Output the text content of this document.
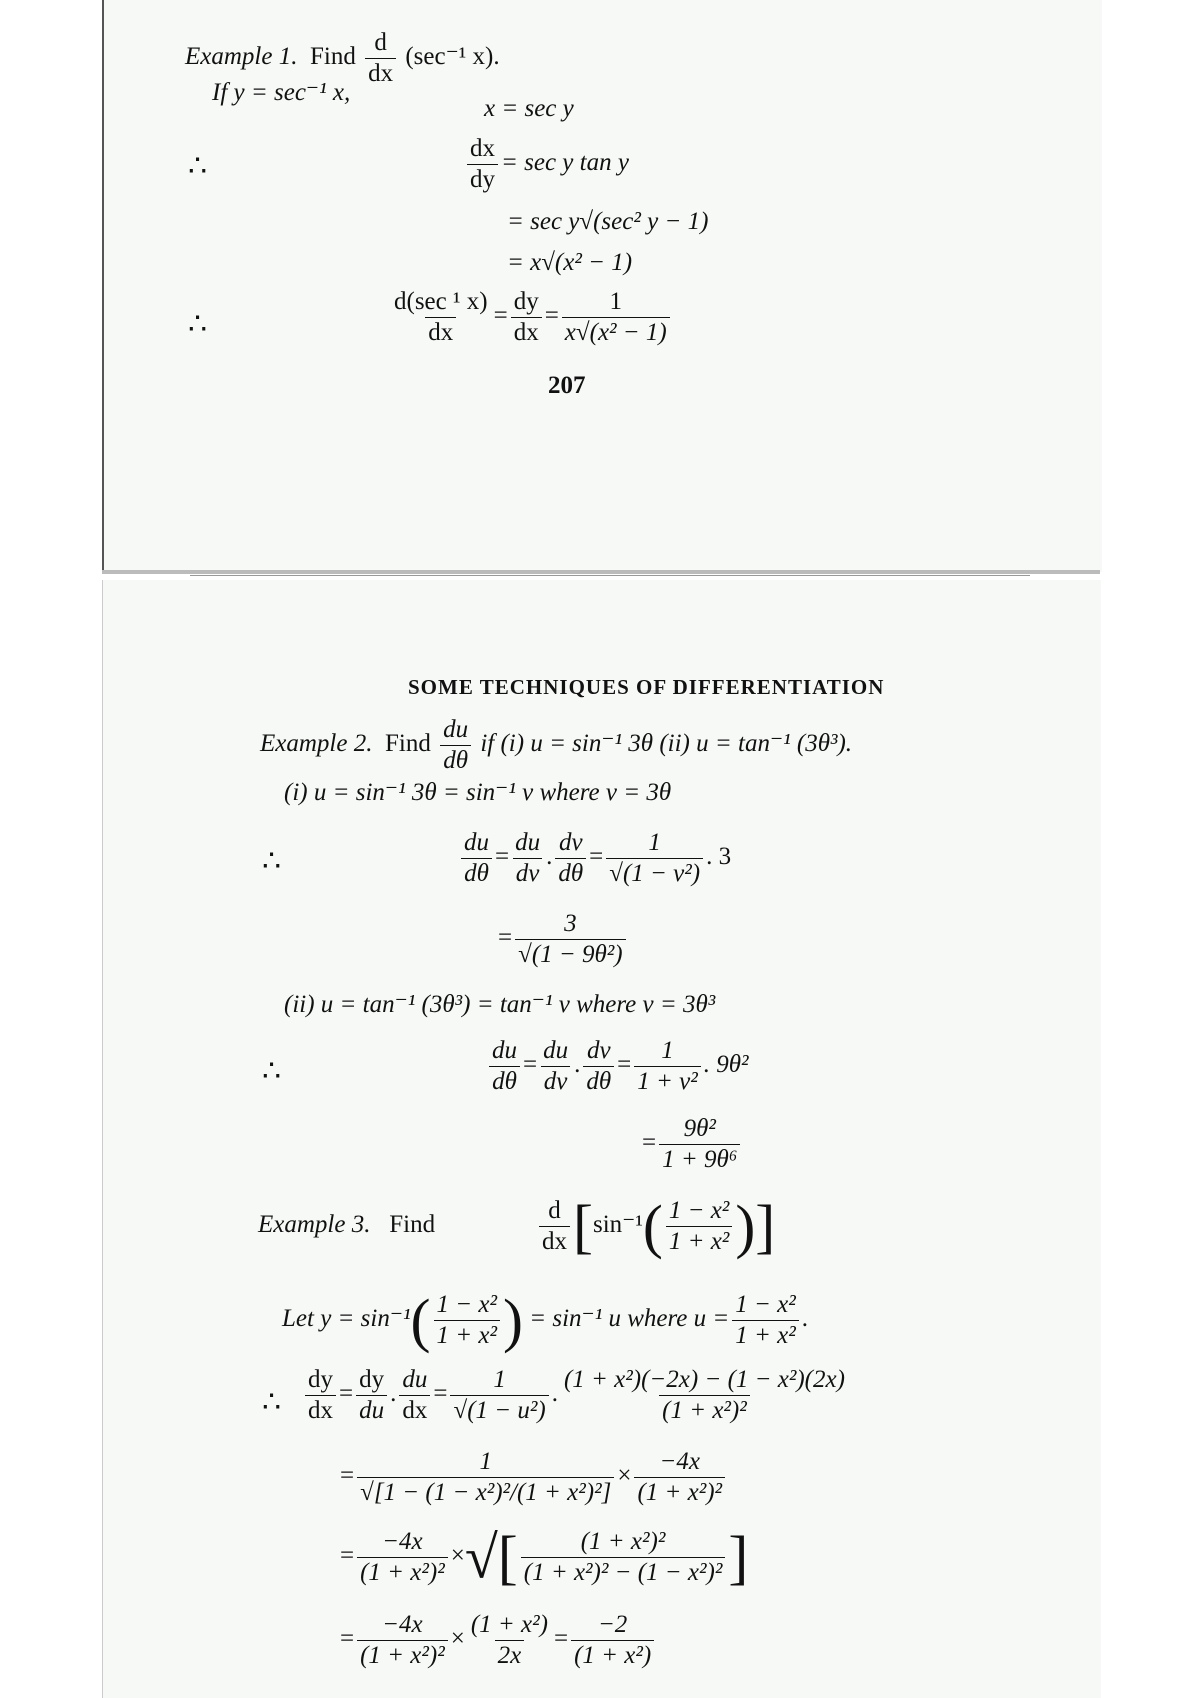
Example 1. Find $\frac{d}{dx} (\sec^{-1}$ x).
If y = sec⁻¹ x,
x = sec y
∴	$\frac{dx}{dy} = \sec y$ tan y
= sec y√(sec² y − 1)
= x√(x² − 1)
∴	$\frac{\text{d(sec ¹ x)}}{dx} = \frac{dy}{dx} = \frac{1}{\text{x√(x² − 1)}}$
207
SOME TECHNIQUES OF DIFFERENTIATION
Example 2. Find $\frac{du}{d\theta}$ if (i) u = sin⁻¹ 3θ (ii) u = tan⁻¹ (3θ³).
(i) u = sin⁻¹ 3θ = sin⁻¹ v where v = 3θ
∴	$\frac{du}{d\theta} = \frac{du}{dv}$ . $\frac{dv}{d\theta} = \frac{1}{\text{√(1 − v²)}}$ . 3
= $\frac{3}{\text{√(1 − 9θ²)}}$
(ii) u = tan⁻¹ (3θ³) = tan⁻¹ v where v = 3θ³
∴	$\frac{du}{d\theta} = \frac{du}{dv}$ . $\frac{dv}{d\theta} = \frac{1}{\text{1 + v²}}$ . 9θ²
= $\frac{\text{9θ²}}{\text{1 + 9θ⁶}}$
Example 3. Find	$\frac{d}{dx} [\sin^{-1}( \frac{\text{1 − x²}}{\text{1 + x²}}$ )]
Let $y = \sin^{-1}( \frac{\text{1 − x²}}{\text{1 + x²}}$ ) = sin⁻¹ u where $u = \frac{\text{1 − x²}}{\text{1 + x²}}$ .
∴ $\frac{dy}{dx} = \frac{dy}{du}$ . $\frac{du}{dx} = \frac{1}{\text{√(1 − u²)}}$ . $\frac{\text{(1 + x²)(−2x) − (1 − x²)(2x)}}{\text{(1 + x²)²}}$
= $\frac{1}{\text{√[1 − (1 − x²)²/(1 + x²)²]}} \times \frac{-4x}{\text{(1 + x²)²}}$
= $\frac{-4x}{\text{(1 + x²)²}}$ ×√[ $\frac{\text{(1 + x²)²}}{\text{(1 + x²)² − (1 − x²)²}}$ ]
= $\frac{-4x}{\text{(1 + x²)²}} \times \frac{\text{(1 + x²)}}{2x} = \frac{-2}{\text{(1 + x²)}}$
